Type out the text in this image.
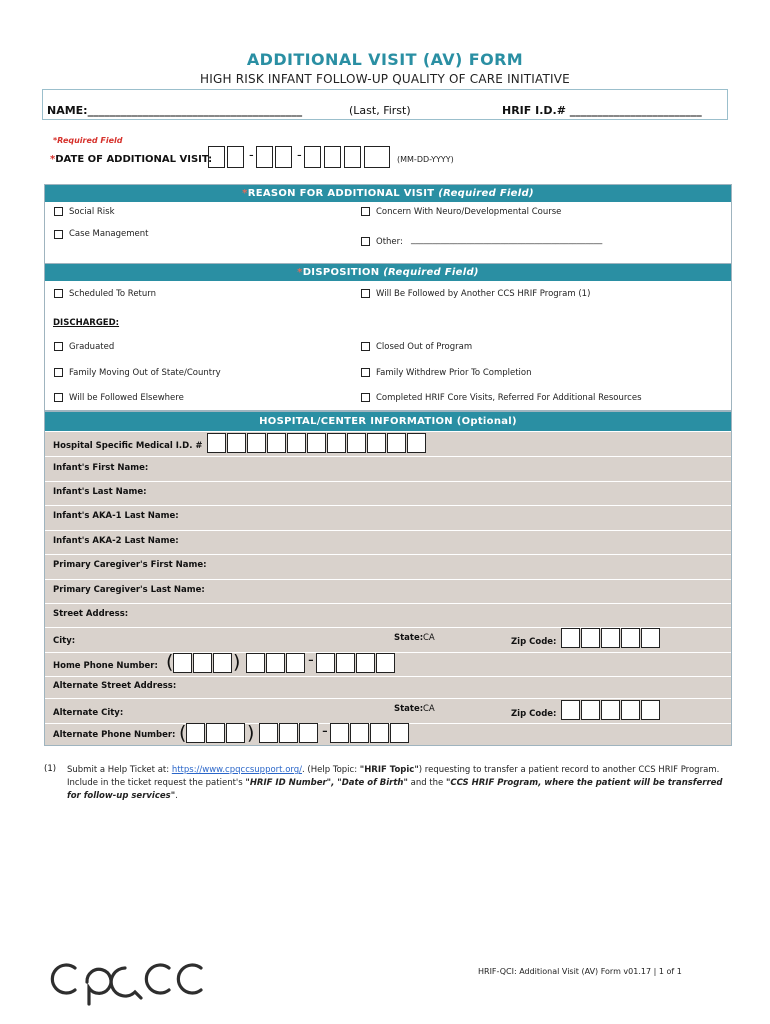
ADDITIONAL VISIT (AV) FORM
HIGH RISK INFANT FOLLOW-UP QUALITY OF CARE INITIATIVE
NAME:_______________________________________	(Last, First)	HRIF I.D.# ________________________
*Required Field
*DATE OF ADDITIONAL VISIT:	-	-	(MM-DD-YYYY)
*REASON FOR ADDITIONAL VISIT (Required Field)
Social Risk
Case Management
Concern With Neuro/Developmental Course
Other: _____________________________________________
*DISPOSITION (Required Field)
Scheduled To Return	Will Be Followed by Another CCS HRIF Program (1)
DISCHARGED:
Graduated	Closed Out of Program
Family Moving Out of State/Country	Family Withdrew Prior To Completion
Will be Followed Elsewhere	Completed HRIF Core Visits, Referred For Additional Resources
HOSPITAL/CENTER INFORMATION (Optional)
Hospital Specific Medical I.D. #
Infant's First Name:
Infant's Last Name:
Infant's AKA-1 Last Name:
Infant's AKA-2 Last Name:
Primary Caregiver's First Name:
Primary Caregiver's Last Name:
Street Address:
City:	State: CA	Zip Code:
Home Phone Number: (	)	-
Alternate Street Address:
Alternate City:	State: CA	Zip Code:
Alternate Phone Number: (	)	-
(1) Submit a Help Ticket at: https://www.cpqccsupport.org/. (Help Topic: "HRIF Topic") requesting to transfer a patient record to another CCS HRIF Program. Include in the ticket request the patient's "HRIF ID Number", "Date of Birth" and the "CCS HRIF Program, where the patient will be transferred for follow-up services".
HRIF-QCI: Additional Visit (AV) Form v01.17 | 1 of 1
